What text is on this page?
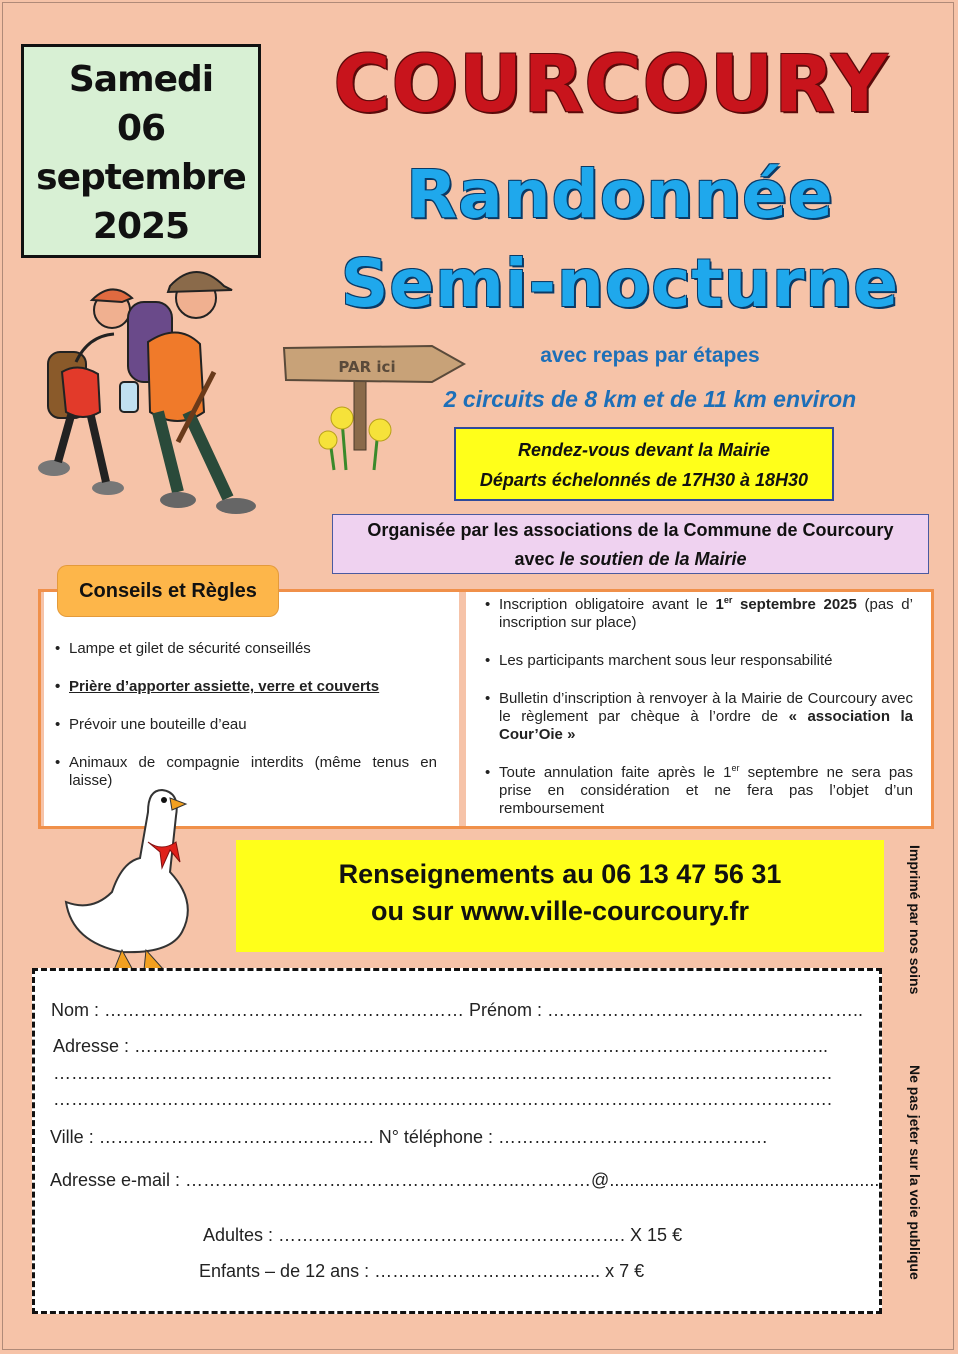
Samedi
06
septembre
2025
COURCOURY
Randonnée
Semi-nocturne
PAR ici	avec repas par étapes
2 circuits de 8 km et de 11 km environ
Rendez-vous devant la Mairie
Départs échelonnés de 17H30 à 18H30
Organisée par les associations de la Commune de Courcoury
avec le soutien de la Mairie
Conseils et Règles
• Lampe et gilet de sécurité conseillés
• Prière d’apporter assiette, verre et couverts
• Prévoir une bouteille d’eau
• Animaux de compagnie interdits (même tenus en laisse)
• Inscription obligatoire avant le 1er septembre 2025 (pas d’ inscription sur place)
• Les participants marchent sous leur responsabilité
• Bulletin d’inscription à renvoyer à la Mairie de Courcoury avec le règlement par chèque à l’ordre de « association la Cour’Oie »
• Toute annulation faite après le 1er septembre ne sera pas prise en considération et ne fera pas l’objet d’un remboursement
Renseignements au 06 13 47 56 31
ou sur www.ville-courcoury.fr	Imprimé par nos soins
Ne pas jeter sur la voie publique
Nom : …………………………………………………… Prénom : ……………………………………………..
Adresse : ……………………………………………………………………………………………………..
………………………………………………………………………………………………………………….
………………………………………………………………………………………………………………….
Ville : ………………………………………. N° téléphone : ………………………………………
Adresse e-mail : ………………………………………………..…………@......................................................
Adultes : …………………………………………………. X 15 €
Enfants – de 12 ans : ……………………………….. x 7 €
